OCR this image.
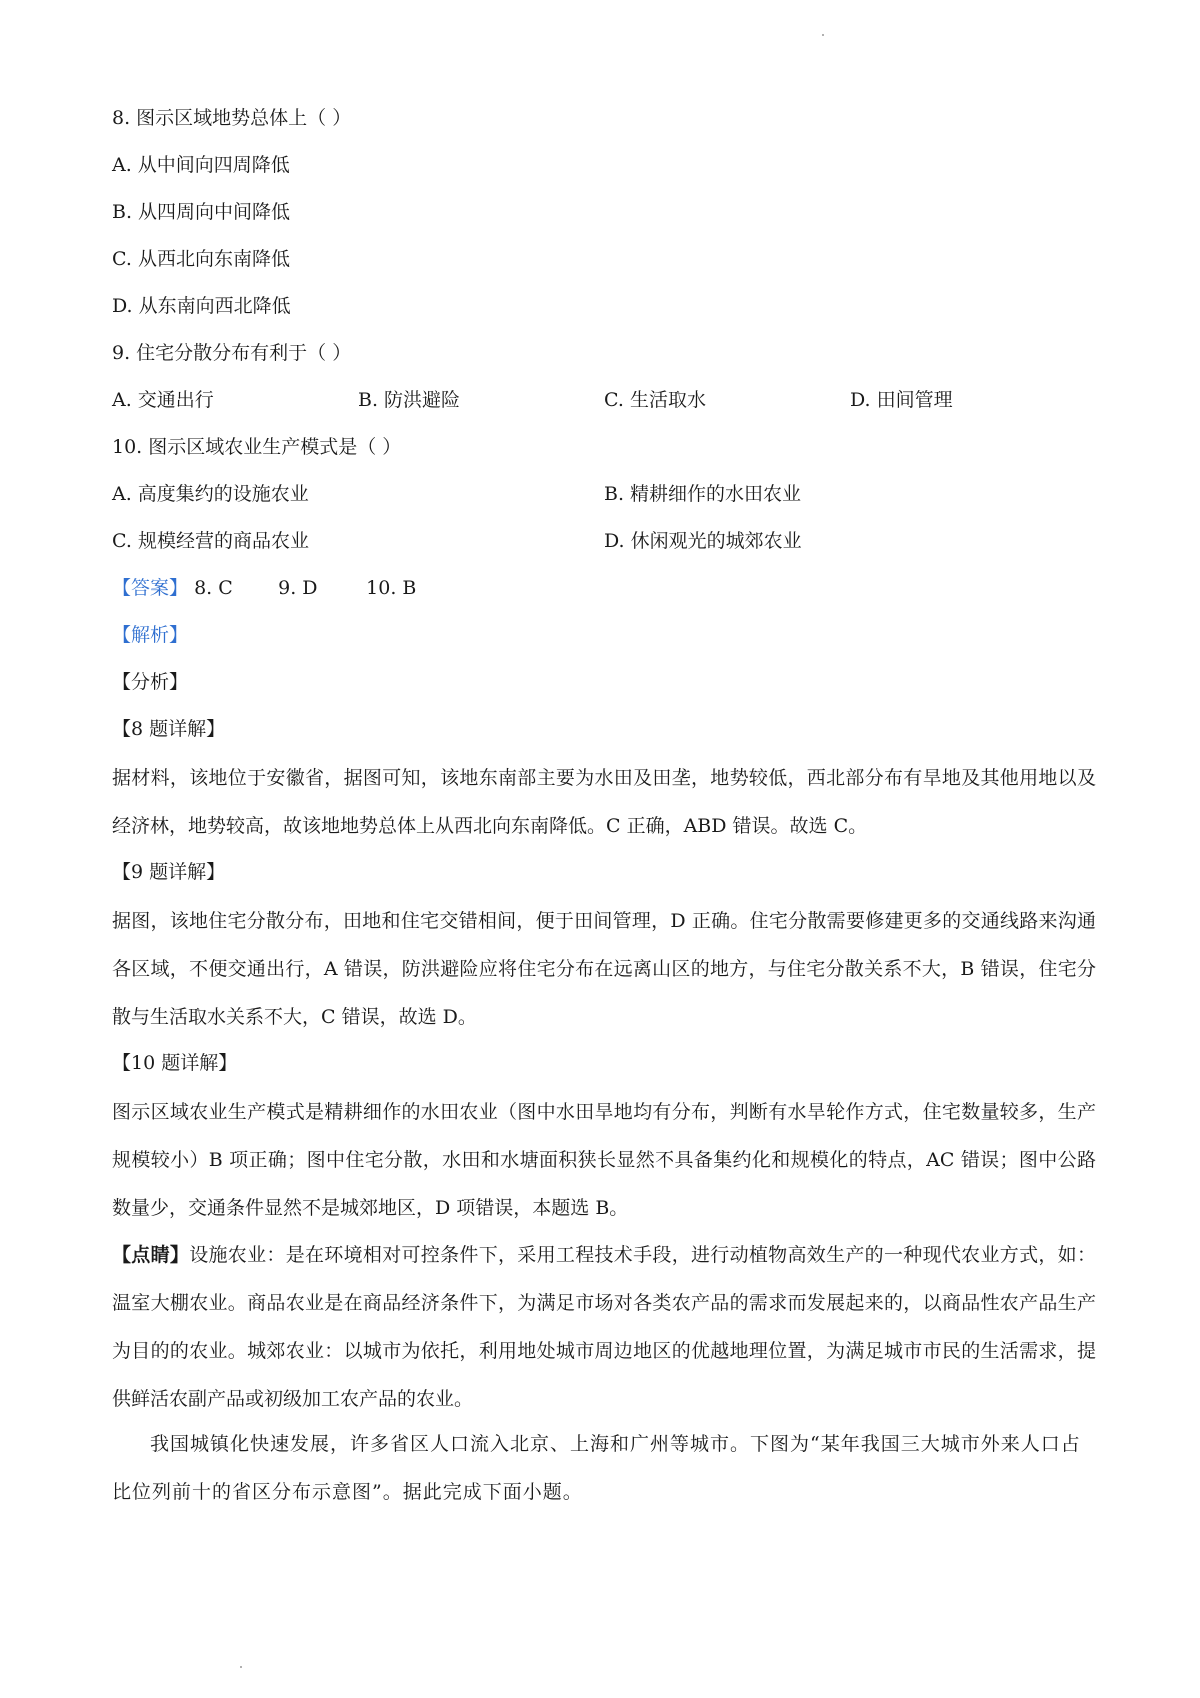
8. 图示区域地势总体上（ ）
A. 从中间向四周降低
B. 从四周向中间降低
C. 从西北向东南降低
D. 从东南向西北降低
9. 住宅分散分布有利于（ ）
A. 交通出行	B. 防洪避险	C. 生活取水	D. 田间管理
10. 图示区域农业生产模式是（ ）
A. 高度集约的设施农业	B. 精耕细作的水田农业
C. 规模经营的商品农业	D. 休闲观光的城郊农业
【答案】 8. C 9. D	10. B
【解析】
【分析】
【8 题详解】
据材料，该地位于安徽省，据图可知，该地东南部主要为水田及田垄，地势较低，西北部分布有旱地及其他用地以及经济林，地势较高，故该地地势总体上从西北向东南降低。C 正确，ABD 错误。故选 C。
【9 题详解】
据图，该地住宅分散分布，田地和住宅交错相间，便于田间管理，D 正确。住宅分散需要修建更多的交通线路来沟通各区域，不便交通出行，A 错误，防洪避险应将住宅分布在远离山区的地方，与住宅分散关系不大，B 错误，住宅分散与生活取水关系不大，C 错误，故选 D。
【10 题详解】
图示区域农业生产模式是精耕细作的水田农业（图中水田旱地均有分布，判断有水旱轮作方式，住宅数量较多，生产规模较小）B 项正确；图中住宅分散，水田和水塘面积狭长显然不具备集约化和规模化的特点，AC 错误；图中公路数量少，交通条件显然不是城郊地区，D 项错误，本题选 B。
【点睛】设施农业：是在环境相对可控条件下，采用工程技术手段，进行动植物高效生产的一种现代农业方式，如：温室大棚农业。商品农业是在商品经济条件下，为满足市场对各类农产品的需求而发展起来的，以商品性农产品生产为目的的农业。城郊农业：以城市为依托，利用地处城市周边地区的优越地理位置，为满足城市市民的生活需求，提供鲜活农副产品或初级加工农产品的农业。
我国城镇化快速发展，许多省区人口流入北京、上海和广州等城市。下图为“某年我国三大城市外来人口占比位列前十的省区分布示意图”。据此完成下面小题。
